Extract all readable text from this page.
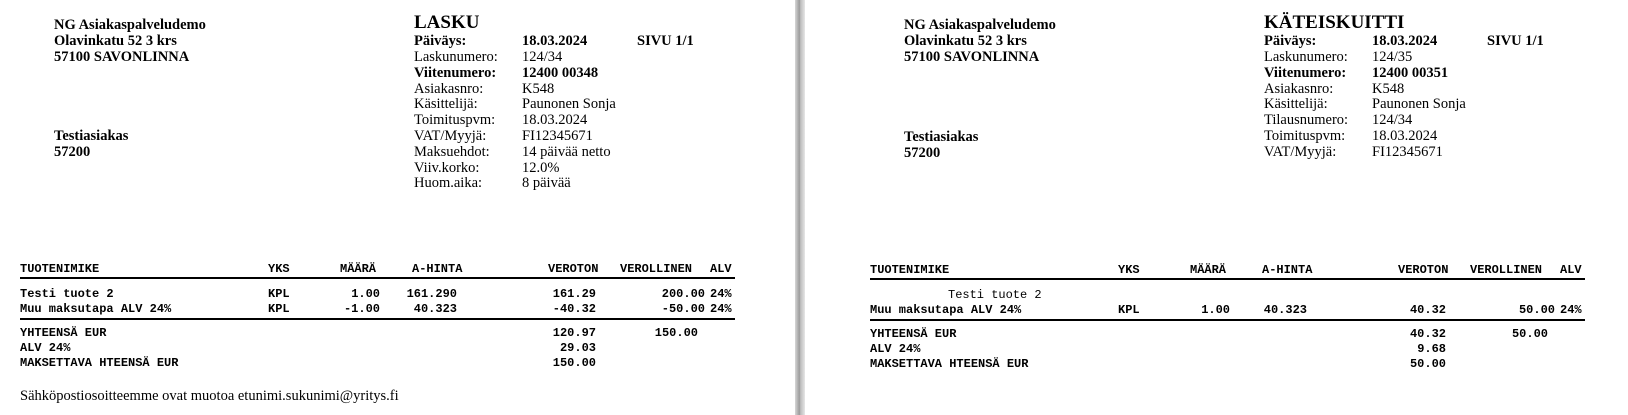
NG Asiakaspalveludemo
Olavinkatu 52 3 krs
57100 SAVONLINNA
Testiasiakas
57200
LASKU
Päiväys:	18.03.2024	SIVU 1/1
Laskunumero: 124/34
Viitenumero: 12400 00348
Asiakasnro:	K548
Käsittelijä:	Paunonen Sonja
Toimituspvm: 18.03.2024
VAT/Myyjä: FI12345671
Maksuehdot: 14 päivää netto
Viiv.korko:	12.0%
Huom.aika:	8 päivää
TUOTENIMIKE	YKS	MÄÄRÄ	A-HINTA	VEROTON VEROLLINEN ALV
Testi tuote 2	KPL	1.00	161.290	161.29	200.00 24%
Muu maksutapa ALV 24%	KPL	-1.00	40.323	-40.32	-50.00 24%
YHTEENSÄ EUR	120.97	150.00
ALV 24%	29.03
MAKSETTAVA HTEENSÄ EUR	150.00
Sähköpostiosoitteemme ovat muotoa etunimi.sukunimi@yritys.fi
NG Asiakaspalveludemo
Olavinkatu 52 3 krs
57100 SAVONLINNA
Testiasiakas
57200
KÄTEISKUITTI
Päiväys:	18.03.2024	SIVU 1/1
Laskunumero: 124/35
Viitenumero: 12400 00351
Asiakasnro:	K548
Käsittelijä:	Paunonen Sonja
Tilausnumero: 124/34
Toimituspvm: 18.03.2024
VAT/Myyjä: FI12345671
TUOTENIMIKE	YKS	MÄÄRÄ	A-HINTA	VEROTON VEROLLINEN ALV
Testi tuote 2
Muu maksutapa ALV 24%	KPL	1.00	40.323	40.32	50.00 24%
YHTEENSÄ EUR	40.32	50.00
ALV 24%	9.68
MAKSETTAVA HTEENSÄ EUR	50.00
